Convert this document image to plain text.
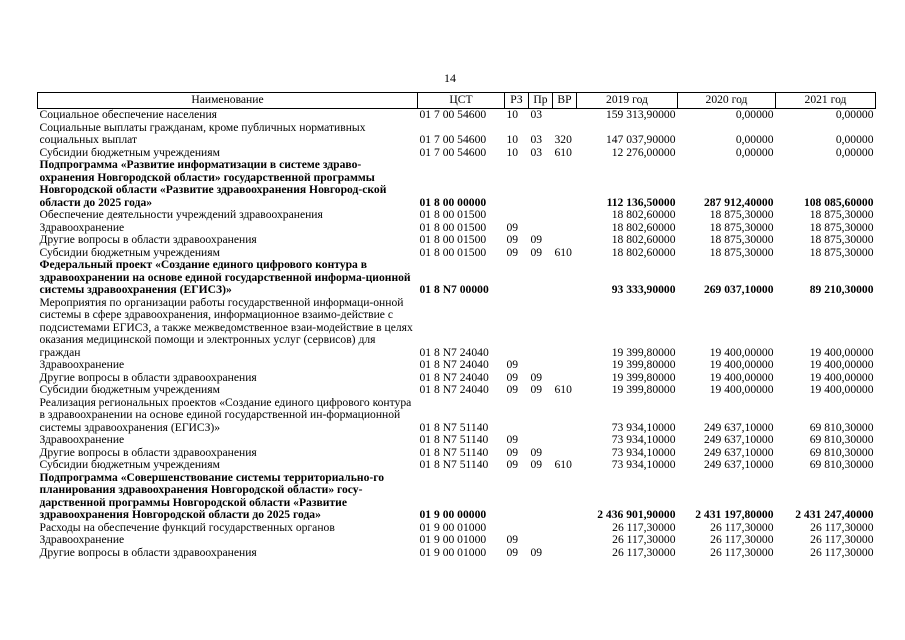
14
Наименование	ЦСТ	РЗ	Пр	ВР	2019 год	2020 год	2021 год
Социальное обеспечение населения	01 7 00 54600	10	03		159 313,90000	0,00000	0,00000
Социальные выплаты гражданам, кроме публичных нормативных социальных выплат	01 7 00 54600	10	03	320	147 037,90000	0,00000	0,00000
Субсидии бюджетным учреждениям	01 7 00 54600	10	03	610	12 276,00000	0,00000	0,00000
Подпрограмма «Развитие информатизации в системе здраво-охранения Новгородской области» государственной программы Новгородской области «Развитие здравоохранения Новгород-ской области до 2025 года»	01 8 00 00000				112 136,50000	287 912,40000	108 085,60000
Обеспечение деятельности учреждений здравоохранения	01 8 00 01500				18 802,60000	18 875,30000	18 875,30000
Здравоохранение	01 8 00 01500	09			18 802,60000	18 875,30000	18 875,30000
Другие вопросы в области здравоохранения	01 8 00 01500	09	09		18 802,60000	18 875,30000	18 875,30000
Субсидии бюджетным учреждениям	01 8 00 01500	09	09	610	18 802,60000	18 875,30000	18 875,30000
Федеральный проект «Создание единого цифрового контура в здравоохранении на основе единой государственной информа-ционной системы здравоохранения (ЕГИСЗ)»	01 8 N7 00000				93 333,90000	269 037,10000	89 210,30000
Мероприятия по организации работы государственной информаци-онной системы в сфере здравоохранения, информационное взаимо-действие с подсистемами ЕГИСЗ, а также межведомственное взаи-модействие в целях оказания медицинской помощи и электронных услуг (сервисов) для граждан	01 8 N7 24040				19 399,80000	19 400,00000	19 400,00000
Здравоохранение	01 8 N7 24040	09			19 399,80000	19 400,00000	19 400,00000
Другие вопросы в области здравоохранения	01 8 N7 24040	09	09		19 399,80000	19 400,00000	19 400,00000
Субсидии бюджетным учреждениям	01 8 N7 24040	09	09	610	19 399,80000	19 400,00000	19 400,00000
Реализация региональных проектов «Создание единого цифрового контура в здравоохранении на основе единой государственной ин-формационной системы здравоохранения (ЕГИСЗ)»	01 8 N7 51140				73 934,10000	249 637,10000	69 810,30000
Здравоохранение	01 8 N7 51140	09			73 934,10000	249 637,10000	69 810,30000
Другие вопросы в области здравоохранения	01 8 N7 51140	09	09		73 934,10000	249 637,10000	69 810,30000
Субсидии бюджетным учреждениям	01 8 N7 51140	09	09	610	73 934,10000	249 637,10000	69 810,30000
Подпрограмма «Совершенствование системы территориально-го планирования здравоохранения Новгородской области» госу-дарственной программы Новгородской области «Развитие здравоохранения Новгородской области до 2025 года»	01 9 00 00000				2 436 901,90000	2 431 197,80000	2 431 247,40000
Расходы на обеспечение функций государственных органов	01 9 00 01000				26 117,30000	26 117,30000	26 117,30000
Здравоохранение	01 9 00 01000	09			26 117,30000	26 117,30000	26 117,30000
Другие вопросы в области здравоохранения	01 9 00 01000	09	09		26 117,30000	26 117,30000	26 117,30000
